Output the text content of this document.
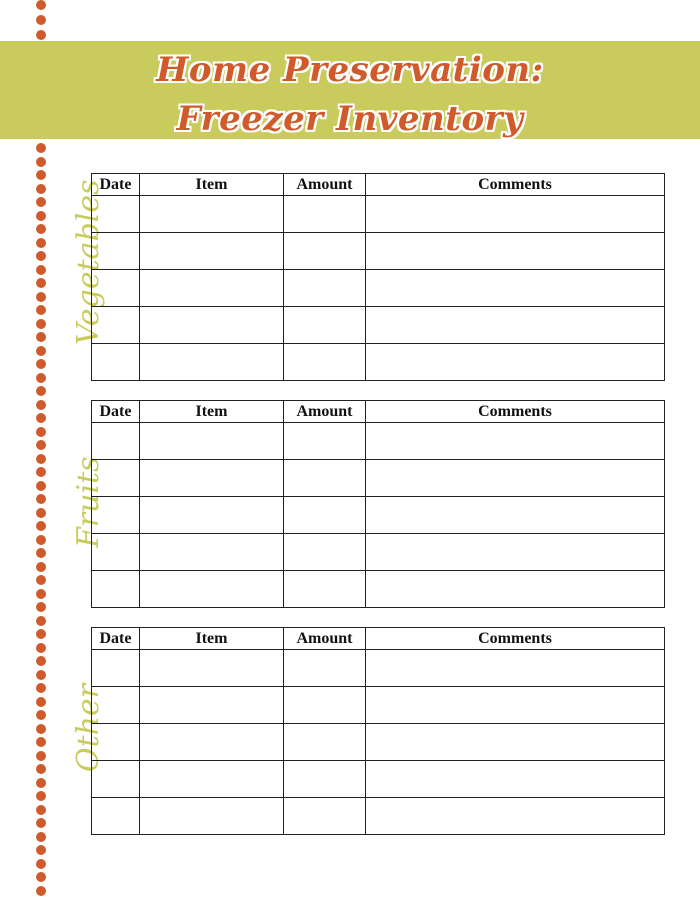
Home Preservation:
Freezer Inventory
Vegetables
Date	Item	Amount	Comments

Fruits
Date	Item	Amount	Comments

Other
Date	Item	Amount	Comments
